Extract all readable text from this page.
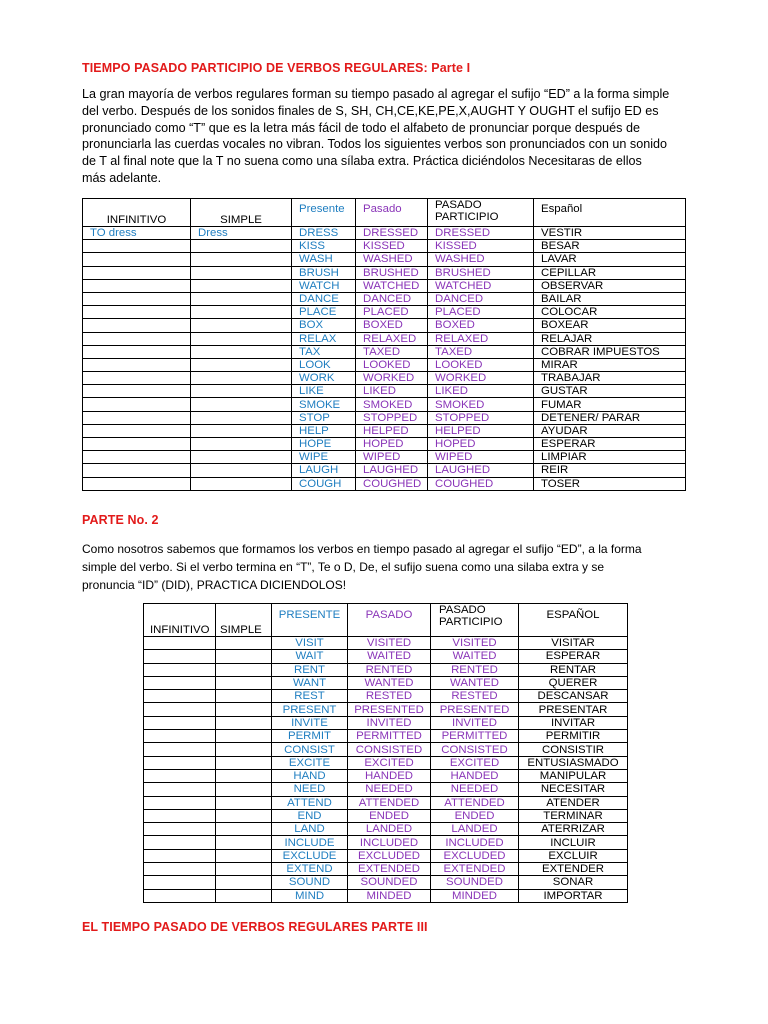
TIEMPO PASADO PARTICIPIO DE VERBOS REGULARES: Parte I
La gran mayoría de verbos regulares forman su tiempo pasado al agregar el sufijo “ED” a la forma simple
del verbo. Después de los sonidos finales de S, SH, CH,CE,KE,PE,X,AUGHT Y OUGHT el sufijo ED es
pronunciado como “T” que es la letra más fácil de todo el alfabeto de pronunciar porque después de
pronunciarla las cuerdas vocales no vibran. Todos los siguientes verbos son pronunciados con un sonido
de T al final note que la T no suena como una sílaba extra. Práctica diciéndolos Necesitaras de ellos
más adelante.
INFINITIVO	SIMPLE	Presente	Pasado	PASADO
PARTICIPIO	Español
TO dress	Dress	DRESS	DRESSED	DRESSED	VESTIR
		KISS	KISSED	KISSED	BESAR
		WASH	WASHED	WASHED	LAVAR
		BRUSH	BRUSHED	BRUSHED	CEPILLAR
		WATCH	WATCHED	WATCHED	OBSERVAR
		DANCE	DANCED	DANCED	BAILAR
		PLACE	PLACED	PLACED	COLOCAR
		BOX	BOXED	BOXED	BOXEAR
		RELAX	RELAXED	RELAXED	RELAJAR
		TAX	TAXED	TAXED	COBRAR IMPUESTOS
		LOOK	LOOKED	LOOKED	MIRAR
		WORK	WORKED	WORKED	TRABAJAR
		LIKE	LIKED	LIKED	GUSTAR
		SMOKE	SMOKED	SMOKED	FUMAR
		STOP	STOPPED	STOPPED	DETENER/ PARAR
		HELP	HELPED	HELPED	AYUDAR
		HOPE	HOPED	HOPED	ESPERAR
		WIPE	WIPED	WIPED	LIMPIAR
		LAUGH	LAUGHED	LAUGHED	REIR
		COUGH	COUGHED	COUGHED	TOSER
PARTE No. 2
Como nosotros sabemos que formamos los verbos en tiempo pasado al agregar el sufijo “ED”, a la forma
simple del verbo. Si el verbo termina en “T”, Te o D, De, el sufijo suena como una silaba extra y se
pronuncia “ID” (DID), PRACTICA DICIENDOLOS!
INFINITIVO	SIMPLE	PRESENTE	PASADO	PASADO
PARTICIPIO	ESPAÑOL
		VISIT	VISITED	VISITED	VISITAR
		WAIT	WAITED	WAITED	ESPERAR
		RENT	RENTED	RENTED	RENTAR
		WANT	WANTED	WANTED	QUERER
		REST	RESTED	RESTED	DESCANSAR
		PRESENT	PRESENTED	PRESENTED	PRESENTAR
		INVITE	INVITED	INVITED	INVITAR
		PERMIT	PERMITTED	PERMITTED	PERMITIR
		CONSIST	CONSISTED	CONSISTED	CONSISTIR
		EXCITE	EXCITED	EXCITED	ENTUSIASMADO
		HAND	HANDED	HANDED	MANIPULAR
		NEED	NEEDED	NEEDED	NECESITAR
		ATTEND	ATTENDED	ATTENDED	ATENDER
		END	ENDED	ENDED	TERMINAR
		LAND	LANDED	LANDED	ATERRIZAR
		INCLUDE	INCLUDED	INCLUDED	INCLUIR
		EXCLUDE	EXCLUDED	EXCLUDED	EXCLUIR
		EXTEND	EXTENDED	EXTENDED	EXTENDER
		SOUND	SOUNDED	SOUNDED	SONAR
		MIND	MINDED	MINDED	IMPORTAR
EL TIEMPO PASADO DE VERBOS REGULARES PARTE III
